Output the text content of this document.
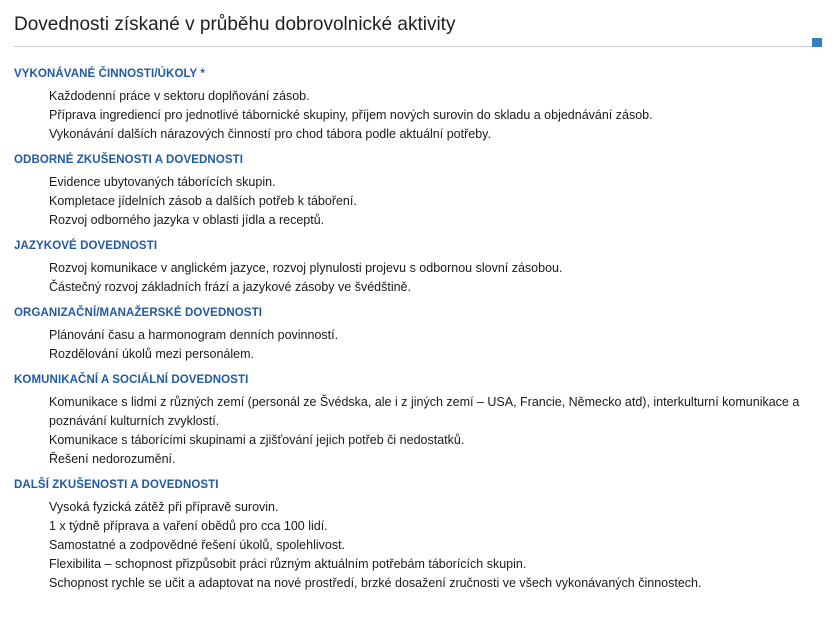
Dovednosti získané v průběhu dobrovolnické aktivity
VYKONÁVANÉ ČINNOSTI/ÚKOLY *
Každodenní práce v sektoru doplňování zásob.
Příprava ingrediencí pro jednotlivé tábornické skupiny, příjem nových surovin do skladu a objednávání zásob.
Vykonávání dalších nárazových činností pro chod tábora podle aktuální potřeby.
ODBORNÉ ZKUŠENOSTI A DOVEDNOSTI
Evidence ubytovaných táborících skupin.
Kompletace jídelních zásob a dalších potřeb k táboření.
Rozvoj odborného jazyka v oblasti jídla a receptů.
JAZYKOVÉ DOVEDNOSTI
Rozvoj komunikace v anglickém jazyce, rozvoj plynulosti projevu s odbornou slovní zásobou.
Částečný rozvoj základních frází a jazykové zásoby ve švédštině.
ORGANIZAČNÍ/MANAŽERSKÉ DOVEDNOSTI
Plánování času a harmonogram denních povinností.
Rozdělování úkolů mezi personálem.
KOMUNIKAČNÍ A SOCIÁLNÍ DOVEDNOSTI
Komunikace s lidmi z různých zemí (personál ze Švédska, ale i z jiných zemí – USA, Francie, Německo atd), interkulturní komunikace a poznávání kulturních zvyklostí.
Komunikace s táborícími skupinami a zjišťování jejich potřeb či nedostatků.
Řešení nedorozumění.
DALŠÍ ZKUŠENOSTI A DOVEDNOSTI
Vysoká fyzická zátěž při přípravě surovin.
1 x týdně příprava a vaření obědů pro cca 100 lidí.
Samostatné a zodpovědné řešení úkolů, spolehlivost.
Flexibilita – schopnost přizpůsobit práci různým aktuálním potřebám táborících skupin.
Schopnost rychle se učit a adaptovat na nové prostředí, brzké dosažení zručnosti ve všech vykonávaných činnostech.
